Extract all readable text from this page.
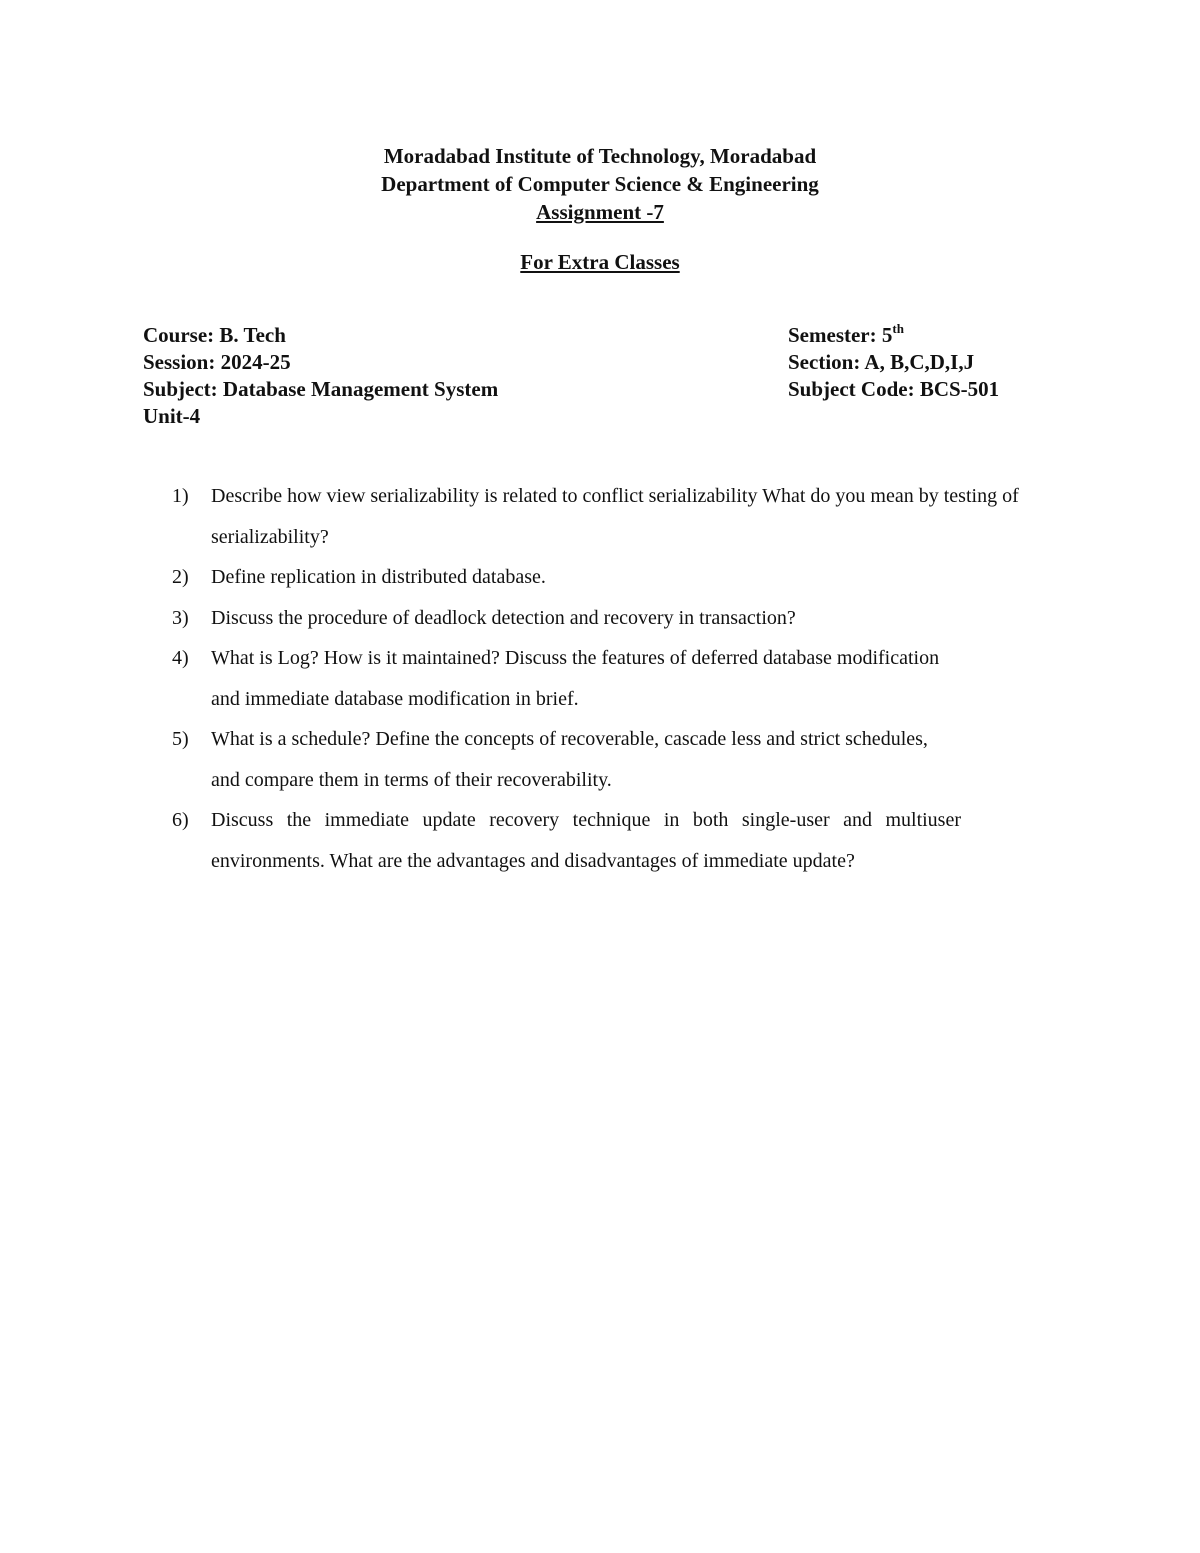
Moradabad Institute of Technology, Moradabad
Department of Computer Science & Engineering
Assignment -7
For Extra Classes
Course: B. Tech	Semester: 5th
Session: 2024-25	Section: A, B,C,D,I,J
Subject: Database Management System	Subject Code: BCS-501
Unit-4
1) Describe how view serializability is related to conflict serializability What do you mean by testing of serializability?
2) Define replication in distributed database.
3) Discuss the procedure of deadlock detection and recovery in transaction?
4) What is Log? How is it maintained? Discuss the features of deferred database modification and immediate database modification in brief.
5) What is a schedule? Define the concepts of recoverable, cascade less and strict schedules, and compare them in terms of their recoverability.
6) Discuss the immediate update recovery technique in both single-user and multiuser environments. What are the advantages and disadvantages of immediate update?
